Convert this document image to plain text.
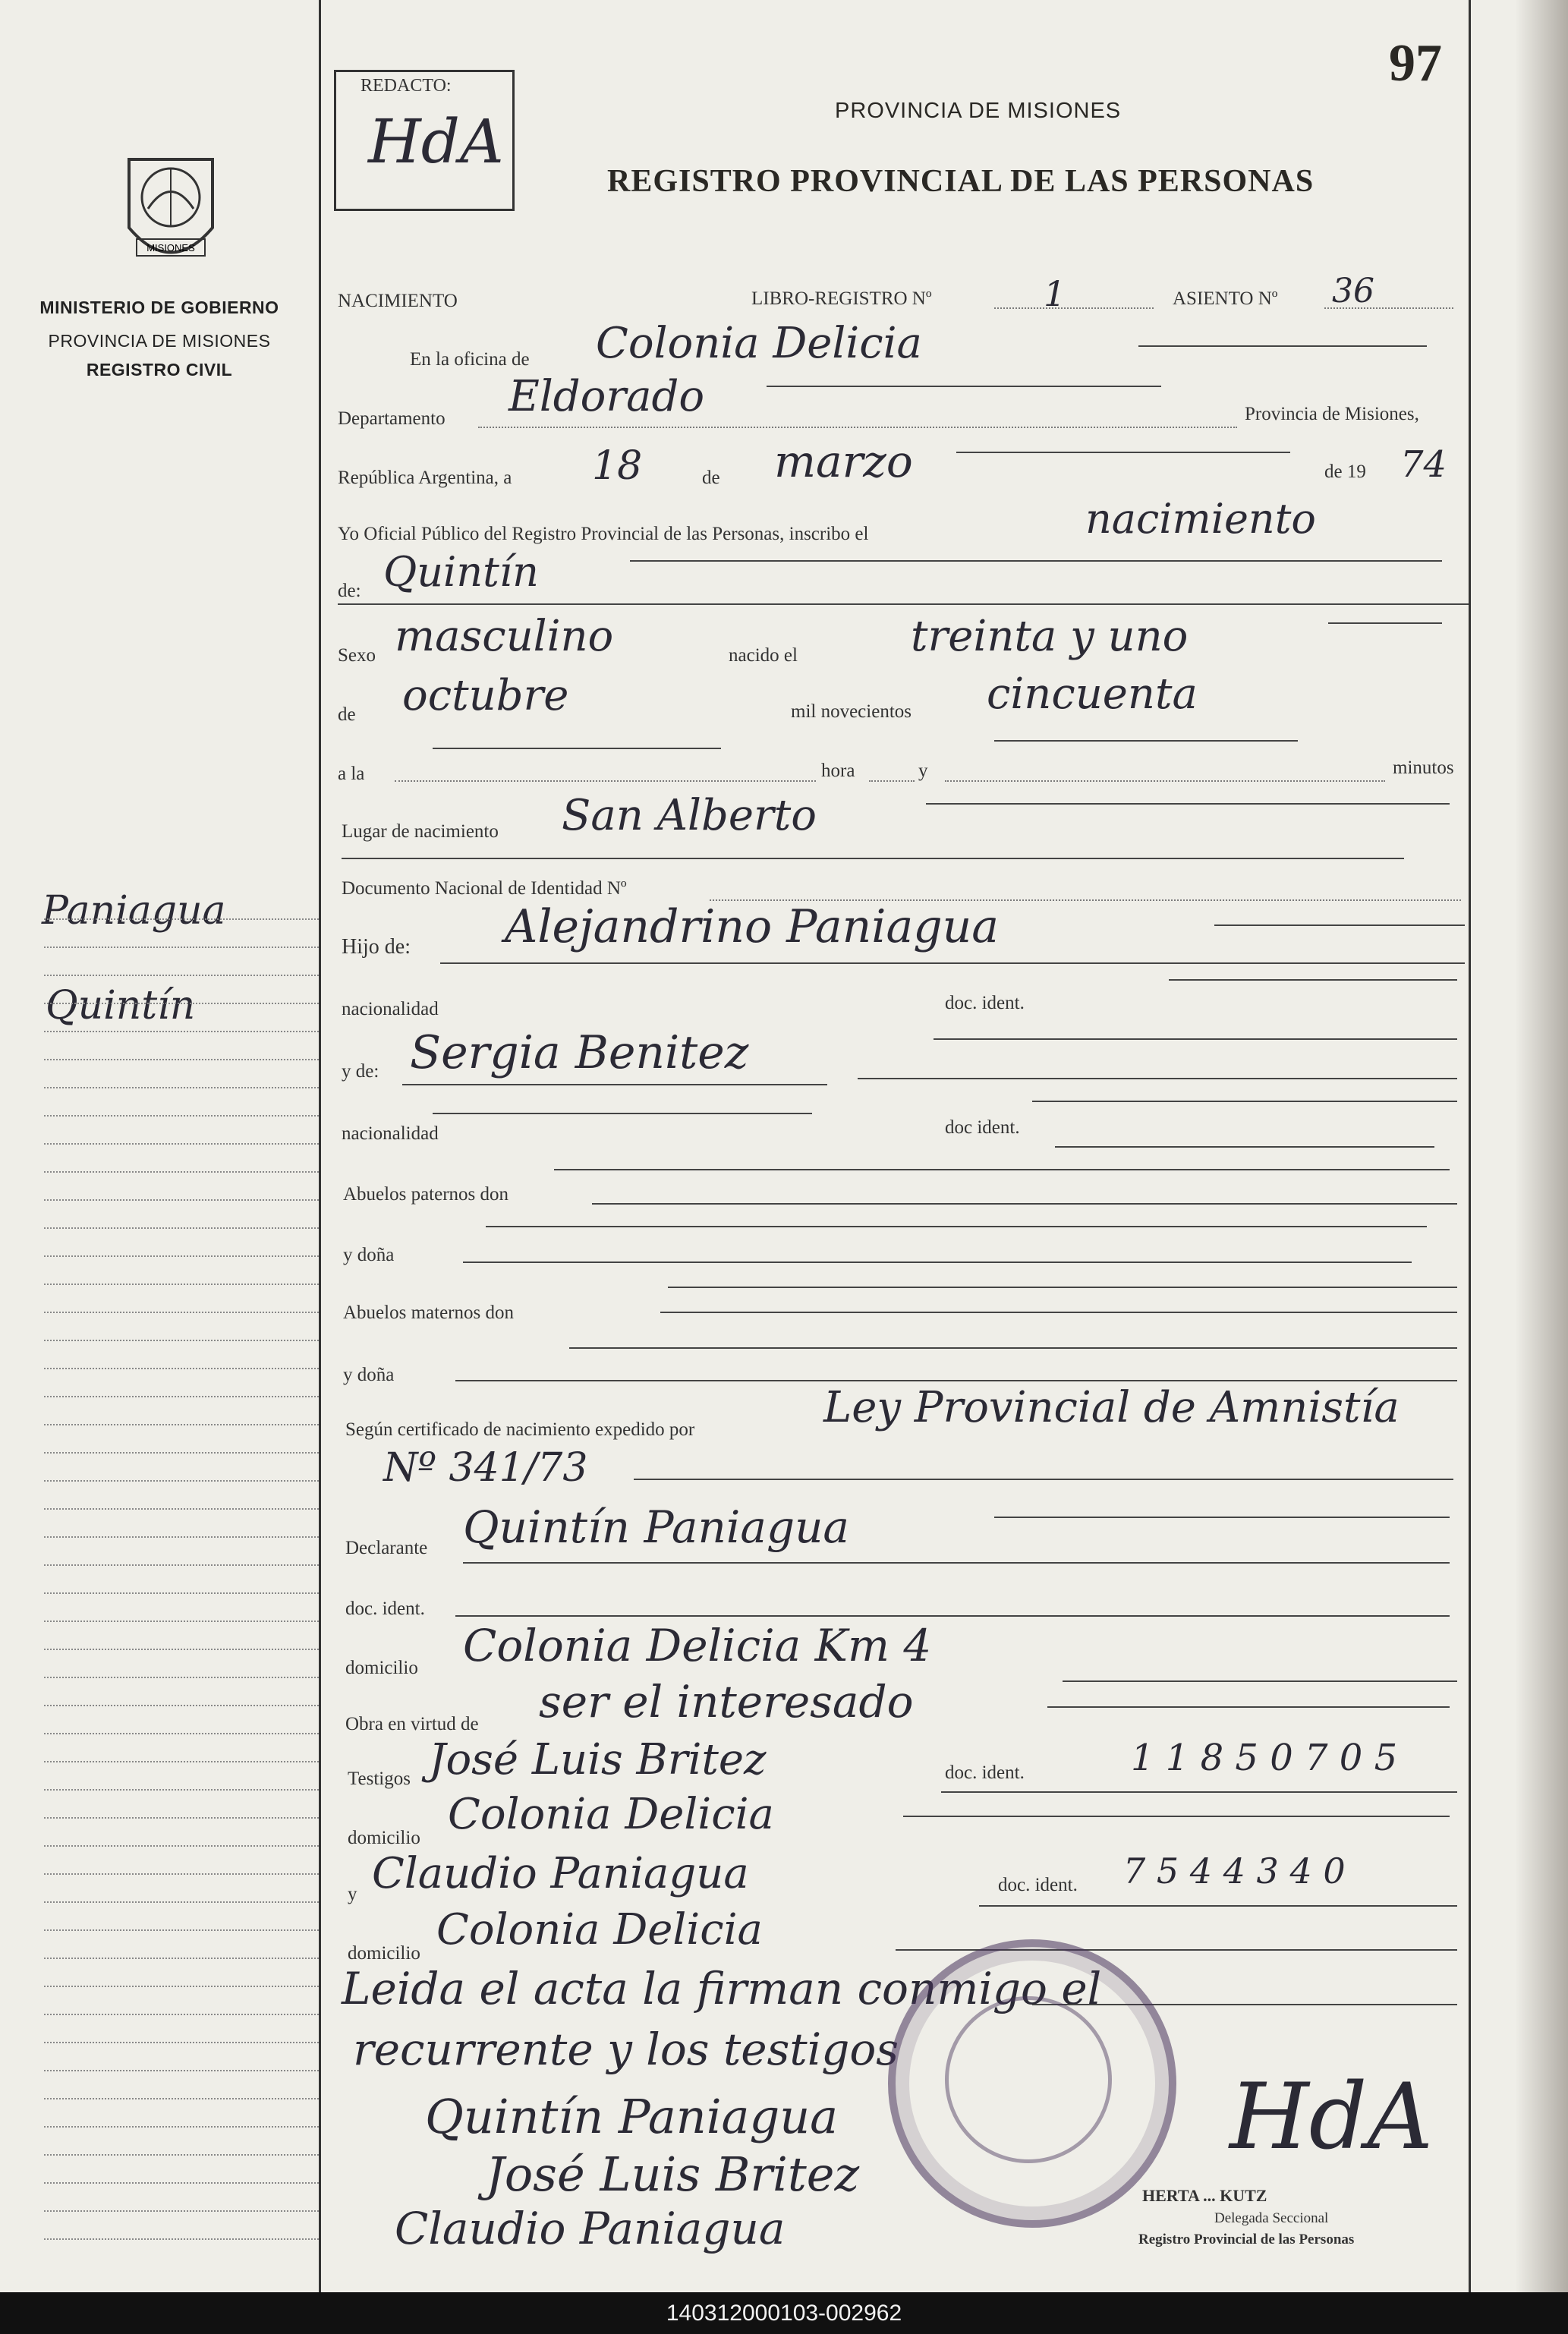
MISIONES
MINISTERIO DE GOBIERNO
PROVINCIA DE MISIONES
REGISTRO CIVIL
Paniagua
Quintín
97
REDACTO:
HdA	PROVINCIA DE MISIONES
REGISTRO PROVINCIAL DE LAS PERSONAS
NACIMIENTO	LIBRO-REGISTRO Nº	1	ASIENTO Nº 36
En la oficina de Colonia Delicia
Departamento Eldorado	Provincia de Misiones,
República Argentina, a 18	de marzo	de 19 74
Yo Oficial Público del Registro Provincial de las Personas, inscribo el	nacimiento
de: Quintín
Sexo masculino	nacido el	treinta y uno
de octubre	mil novecientos cincuenta
a la	hora	y	minutos
Lugar de nacimiento San Alberto
Documento Nacional de Identidad Nº
Hijo de: Alejandrino Paniagua
nacionalidad	doc. ident.
y de: Sergia Benitez
nacionalidad	doc ident.
Abuelos paternos don
y doña
Abuelos maternos don
y doña
Según certificado de nacimiento expedido por	Ley Provincial de Amnistía
Nº 341/73
Declarante Quintín Paniagua
doc. ident.
domicilio Colonia Delicia Km 4
Obra en virtud de ser el interesado
Testigos José Luis Britez	doc. ident.	1 1 8 5 0 7 0 5
domicilio Colonia Delicia
y Claudio Paniagua	doc. ident. 7 5 4 4 3 4 0
domicilio Colonia Delicia
Leida el acta la firman conmigo el
recurrente y los testigos
Quintín Paniagua
José Luis Britez
Claudio Paniagua
HdA
HERTA ... KUTZ
Delegada Seccional
Registro Provincial de las Personas
140312000103-002962
